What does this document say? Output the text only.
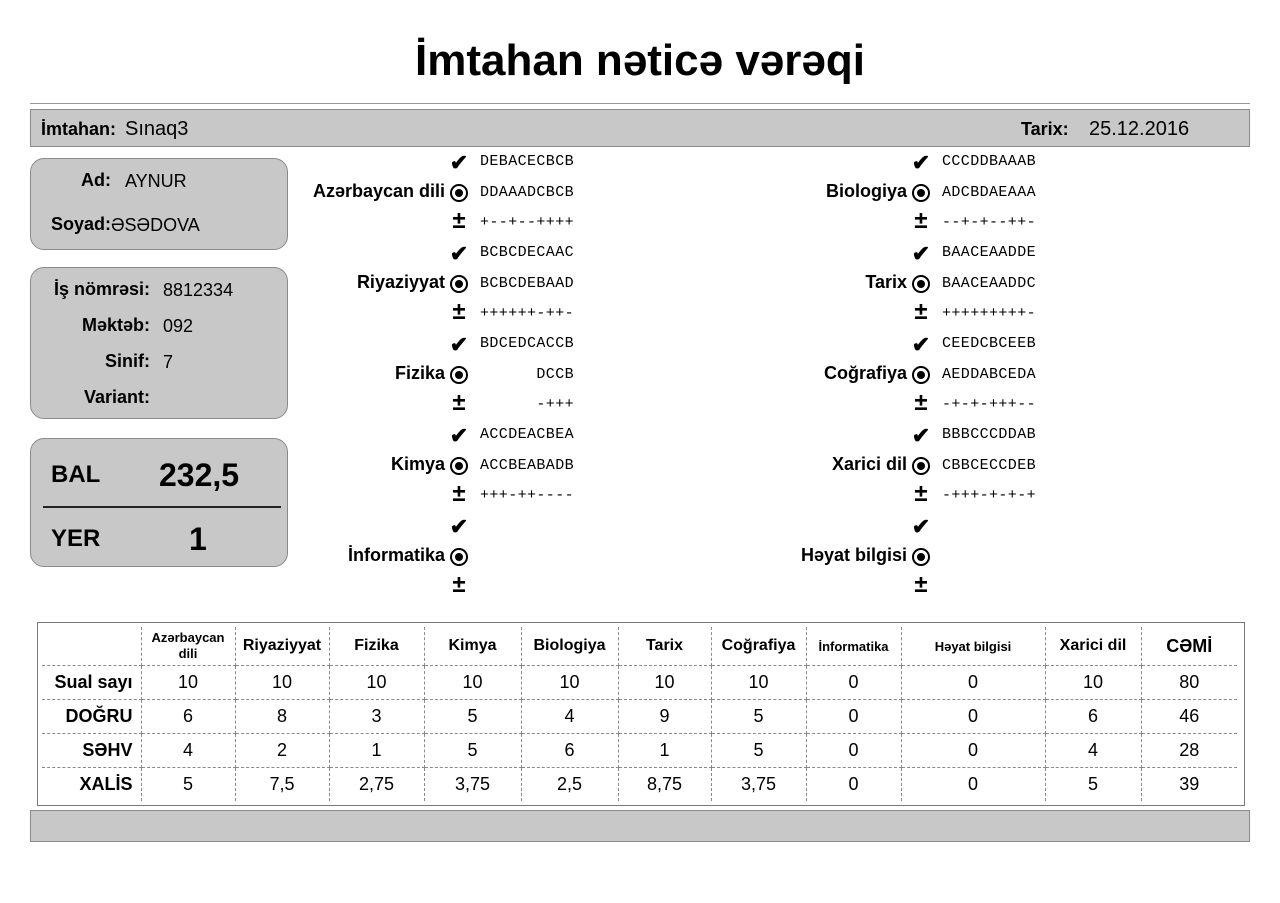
İmtahan nəticə vərəqi
İmtahan: Sınaq3	Tarix: 25.12.2016
Ad: AYNUR
Soyad: ƏSƏDOVA
İş nömrəsi: 8812334
Məktəb: 092
Sinif: 7
Variant:
BAL 232,5
YER	1
Azərbaycan dili
✔ DEBACECBCB
DDAAADCBCB
± +--+--++++
Riyaziyyat
✔ BCBCDECAAC
BCBCDEBAAD
± ++++++-++-
Fizika
✔ BDCEDCACCB
DCCB
± -+++
Kimya
✔ ACCDEACBEA
ACCBEABADB
± +++-++----
İnformatika
✔
±
Biologiya
✔ CCCDDBAAAB
ADCBDAEAAA
± --+-+--++-
Tarix
✔ BAACEAADDE
BAACEAADDC
± +++++++++-
Coğrafiya
✔ CEEDCBCEEB
AEDDABCEDA
± -+-+-+++--
Xarici dil
✔ BBBCCCDDAB
CBBCECCDEB
± -+++-+-+-+
Həyat bilgisi
✔
±
	Azərbaycan dili	Riyaziyyat	Fizika	Kimya	Biologiya	Tarix	Coğrafiya	İnformatika	Həyat bilgisi	Xarici dil	CƏMİ
Sual sayı	10	10	10	10	10	10	10	0	0	10	80
DOĞRU	6	8	3	5	4	9	5	0	0	6	46
SƏHV	4	2	1	5	6	1	5	0	0	4	28
XALİS	5	7,5	2,75	3,75	2,5	8,75	3,75	0	0	5	39
